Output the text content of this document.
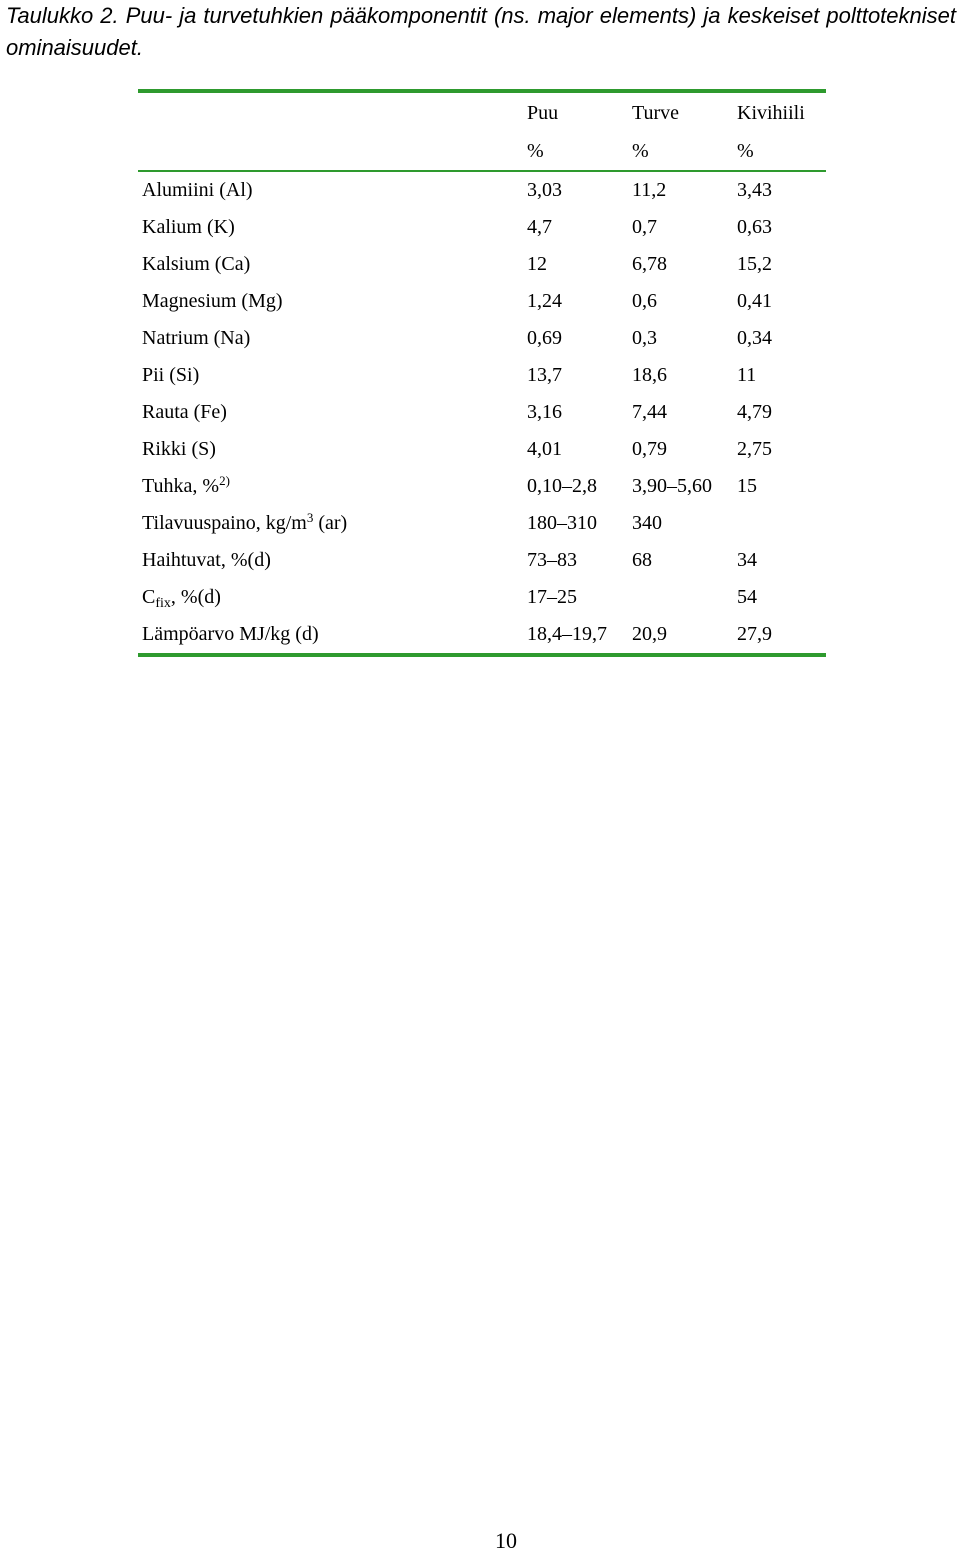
Taulukko 2. Puu- ja turvetuhkien pääkomponentit (ns. major elements) ja keskeiset polttotekniset ominaisuudet.
	Puu	Turve	Kivihiili
	%	%	%
Alumiini (Al)	3,03	11,2	3,43
Kalium (K)	4,7	0,7	0,63
Kalsium (Ca)	12	6,78	15,2
Magnesium (Mg)	1,24	0,6	0,41
Natrium (Na)	0,69	0,3	0,34
Pii (Si)	13,7	18,6	11
Rauta (Fe)	3,16	7,44	4,79
Rikki (S)	4,01	0,79	2,75
Tuhka, %$^{2)}$	0,10–2,8	3,90–5,60	15
Tilavuuspaino, $kg/m^3$ (ar)	180–310	340	
Haihtuvat, %(d)	73–83	68	34
$C_{fix}$, %(d)	17–25		54
Lämpöarvo MJ/kg (d)	18,4–19,7	20,9	27,9
10
